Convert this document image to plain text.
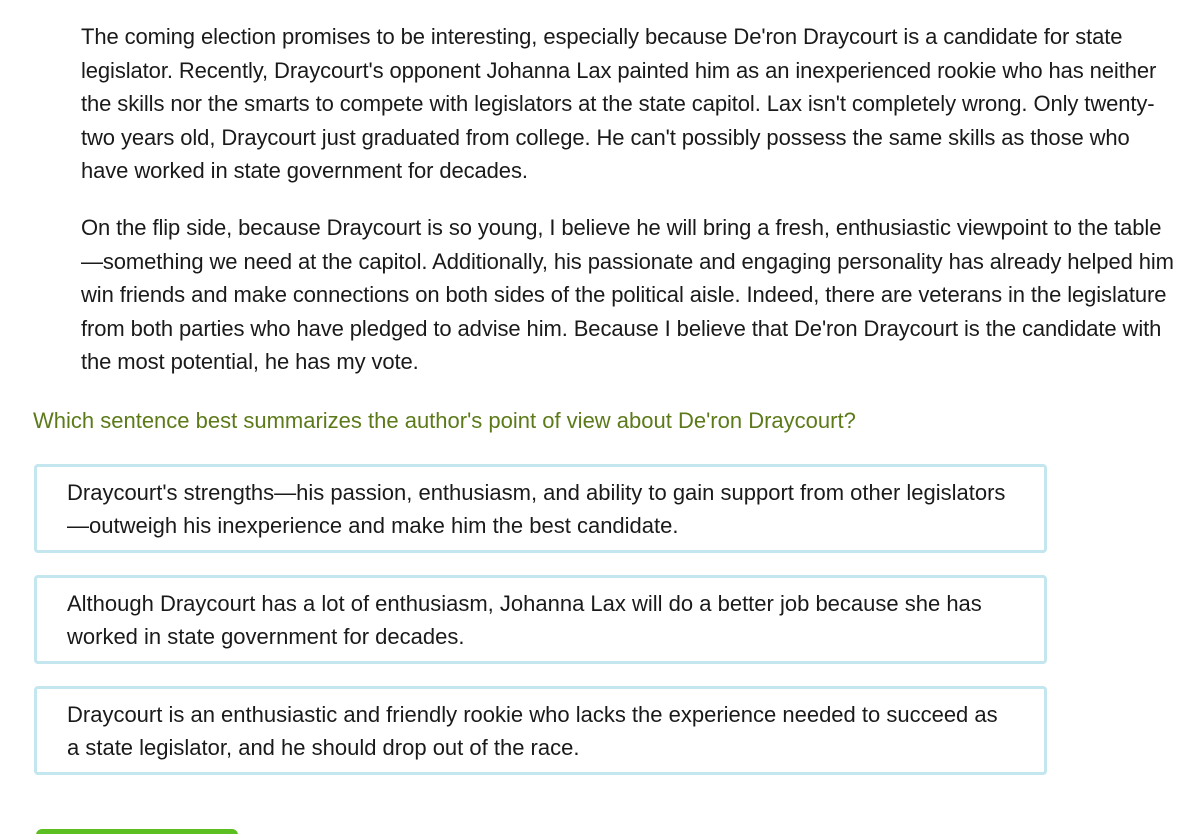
The coming election promises to be interesting, especially because De'ron Draycourt is a candidate for state legislator. Recently, Draycourt's opponent Johanna Lax painted him as an inexperienced rookie who has neither the skills nor the smarts to compete with legislators at the state capitol. Lax isn't completely wrong. Only twenty-two years old, Draycourt just graduated from college. He can't possibly possess the same skills as those who have worked in state government for decades.

On the flip side, because Draycourt is so young, I believe he will bring a fresh, enthusiastic viewpoint to the table—something we need at the capitol. Additionally, his passionate and engaging personality has already helped him win friends and make connections on both sides of the political aisle. Indeed, there are veterans in the legislature from both parties who have pledged to advise him. Because I believe that De'ron Draycourt is the candidate with the most potential, he has my vote.

Which sentence best summarizes the author's point of view about De'ron Draycourt?
Draycourt's strengths—his passion, enthusiasm, and ability to gain support from other legislators—outweigh his inexperience and make him the best candidate.
Although Draycourt has a lot of enthusiasm, Johanna Lax will do a better job because she has worked in state government for decades.
Draycourt is an enthusiastic and friendly rookie who lacks the experience needed to succeed as a state legislator, and he should drop out of the race.
